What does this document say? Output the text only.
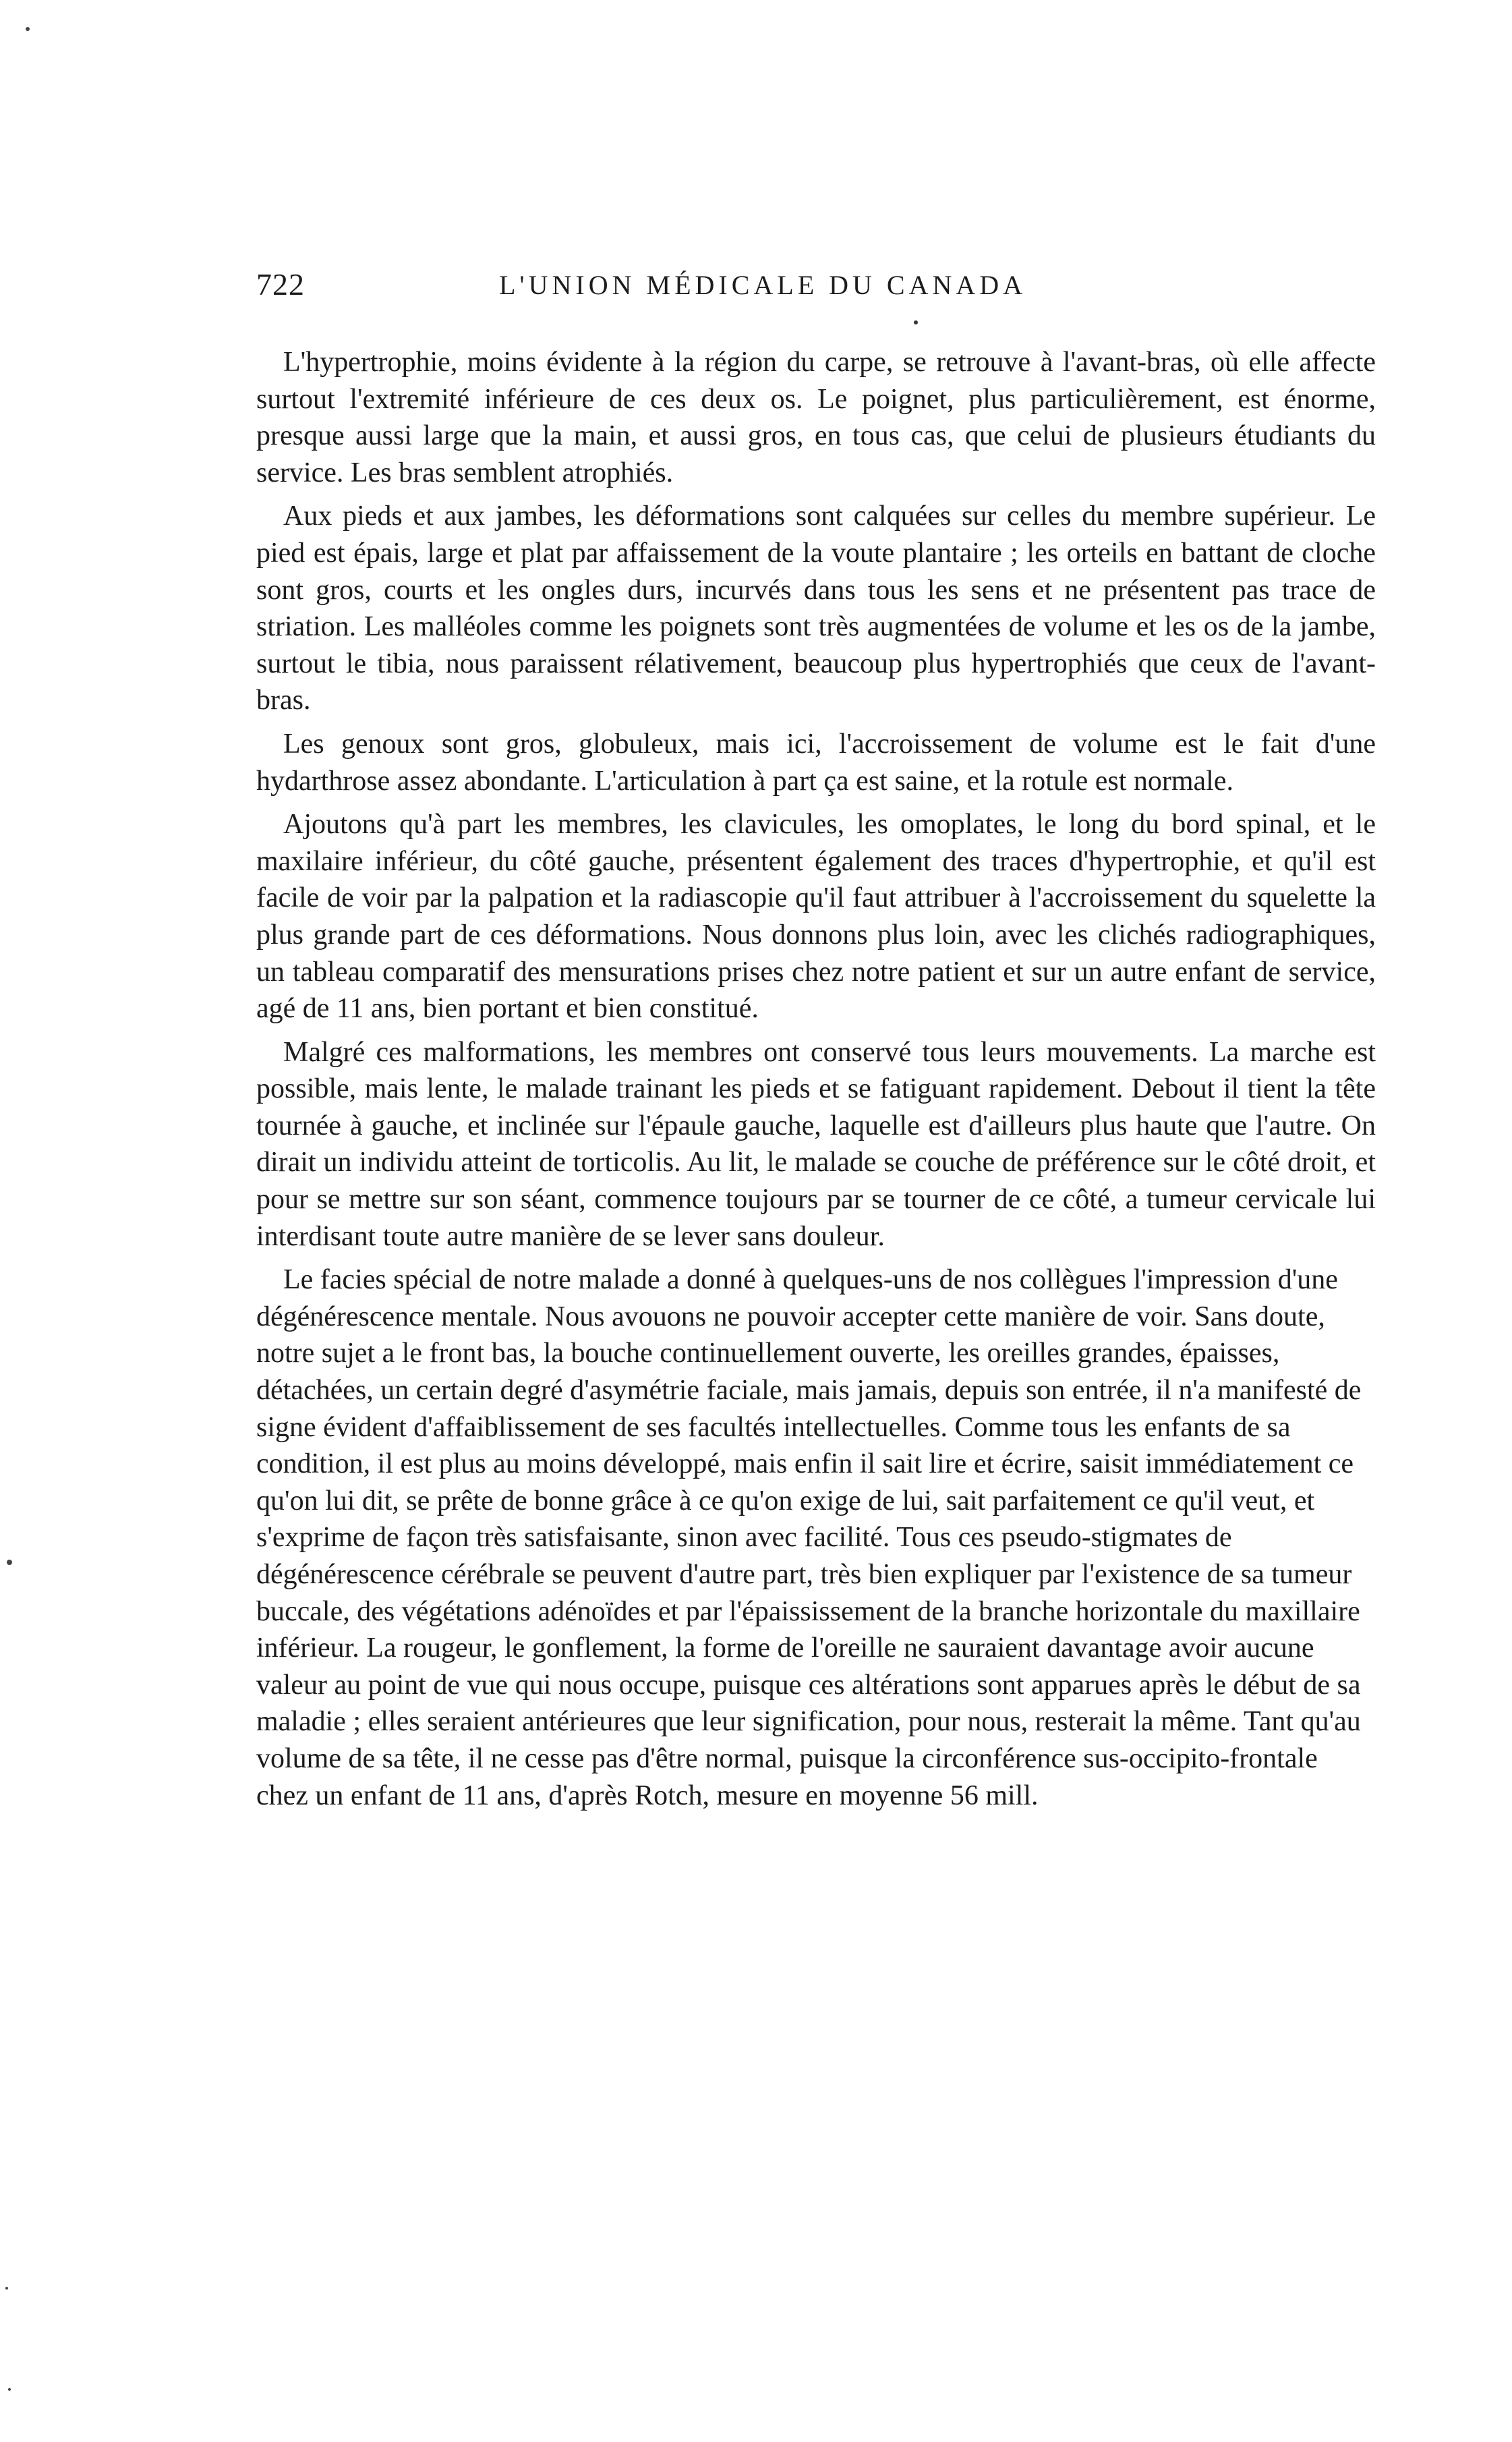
722	L'UNION MÉDICALE DU CANADA

L'hypertrophie, moins évidente à la région du carpe, se retrouve à l'avant-bras, où elle affecte surtout l'extremité inférieure de ces deux os. Le poignet, plus particulièrement, est énorme, presque aussi large que la main, et aussi gros, en tous cas, que celui de plusieurs étudiants du service. Les bras semblent atrophiés.

Aux pieds et aux jambes, les déformations sont calquées sur celles du membre supérieur. Le pied est épais, large et plat par affaissement de la voute plantaire ; les orteils en battant de cloche sont gros, courts et les ongles durs, incurvés dans tous les sens et ne présentent pas trace de striation. Les malléoles comme les poignets sont très augmentées de volume et les os de la jambe, surtout le tibia, nous paraissent rélativement, beaucoup plus hypertrophiés que ceux de l'avant-bras.

Les genoux sont gros, globuleux, mais ici, l'accroissement de volume est le fait d'une hydarthrose assez abondante. L'articulation à part ça est saine, et la rotule est normale.

Ajoutons qu'à part les membres, les clavicules, les omoplates, le long du bord spinal, et le maxilaire inférieur, du côté gauche, présentent également des traces d'hypertrophie, et qu'il est facile de voir par la palpation et la radiascopie qu'il faut attribuer à l'accroissement du squelette la plus grande part de ces déformations. Nous donnons plus loin, avec les clichés radiographiques, un tableau comparatif des mensurations prises chez notre patient et sur un autre enfant de service, agé de 11 ans, bien portant et bien constitué.

Malgré ces malformations, les membres ont conservé tous leurs mouvements. La marche est possible, mais lente, le malade trainant les pieds et se fatiguant rapidement. Debout il tient la tête tournée à gauche, et inclinée sur l'épaule gauche, laquelle est d'ailleurs plus haute que l'autre. On dirait un individu atteint de torticolis. Au lit, le malade se couche de préférence sur le côté droit, et pour se mettre sur son séant, commence toujours par se tourner de ce côté, a tumeur cervicale lui interdisant toute autre manière de se lever sans douleur.

Le facies spécial de notre malade a donné à quelques-uns de nos collègues l'impression d'une dégénérescence mentale. Nous avouons ne pouvoir accepter cette manière de voir. Sans doute, notre sujet a le front bas, la bouche continuellement ouverte, les oreilles grandes, épaisses, détachées, un certain degré d'asymétrie faciale, mais jamais, depuis son entrée, il n'a manifesté de signe évident d'affaiblissement de ses facultés intellectuelles. Comme tous les enfants de sa condition, il est plus au moins développé, mais enfin il sait lire et écrire, saisit immédiatement ce qu'on lui dit, se prête de bonne grâce à ce qu'on exige de lui, sait parfaitement ce qu'il veut, et s'exprime de façon très satisfaisante, sinon avec facilité. Tous ces pseudo-stigmates de dégénérescence cérébrale se peuvent d'autre part, très bien expliquer par l'existence de sa tumeur buccale, des végétations adénoïdes et par l'épaississement de la branche horizontale du maxillaire inférieur. La rougeur, le gonflement, la forme de l'oreille ne sauraient davantage avoir aucune valeur au point de vue qui nous occupe, puisque ces altérations sont apparues après le début de sa maladie ; elles seraient antérieures que leur signification, pour nous, resterait la même. Tant qu'au volume de sa tête, il ne cesse pas d'être normal, puisque la circonférence sus-occipito-frontale chez un enfant de 11 ans, d'après Rotch, mesure en moyenne 56 mill.
